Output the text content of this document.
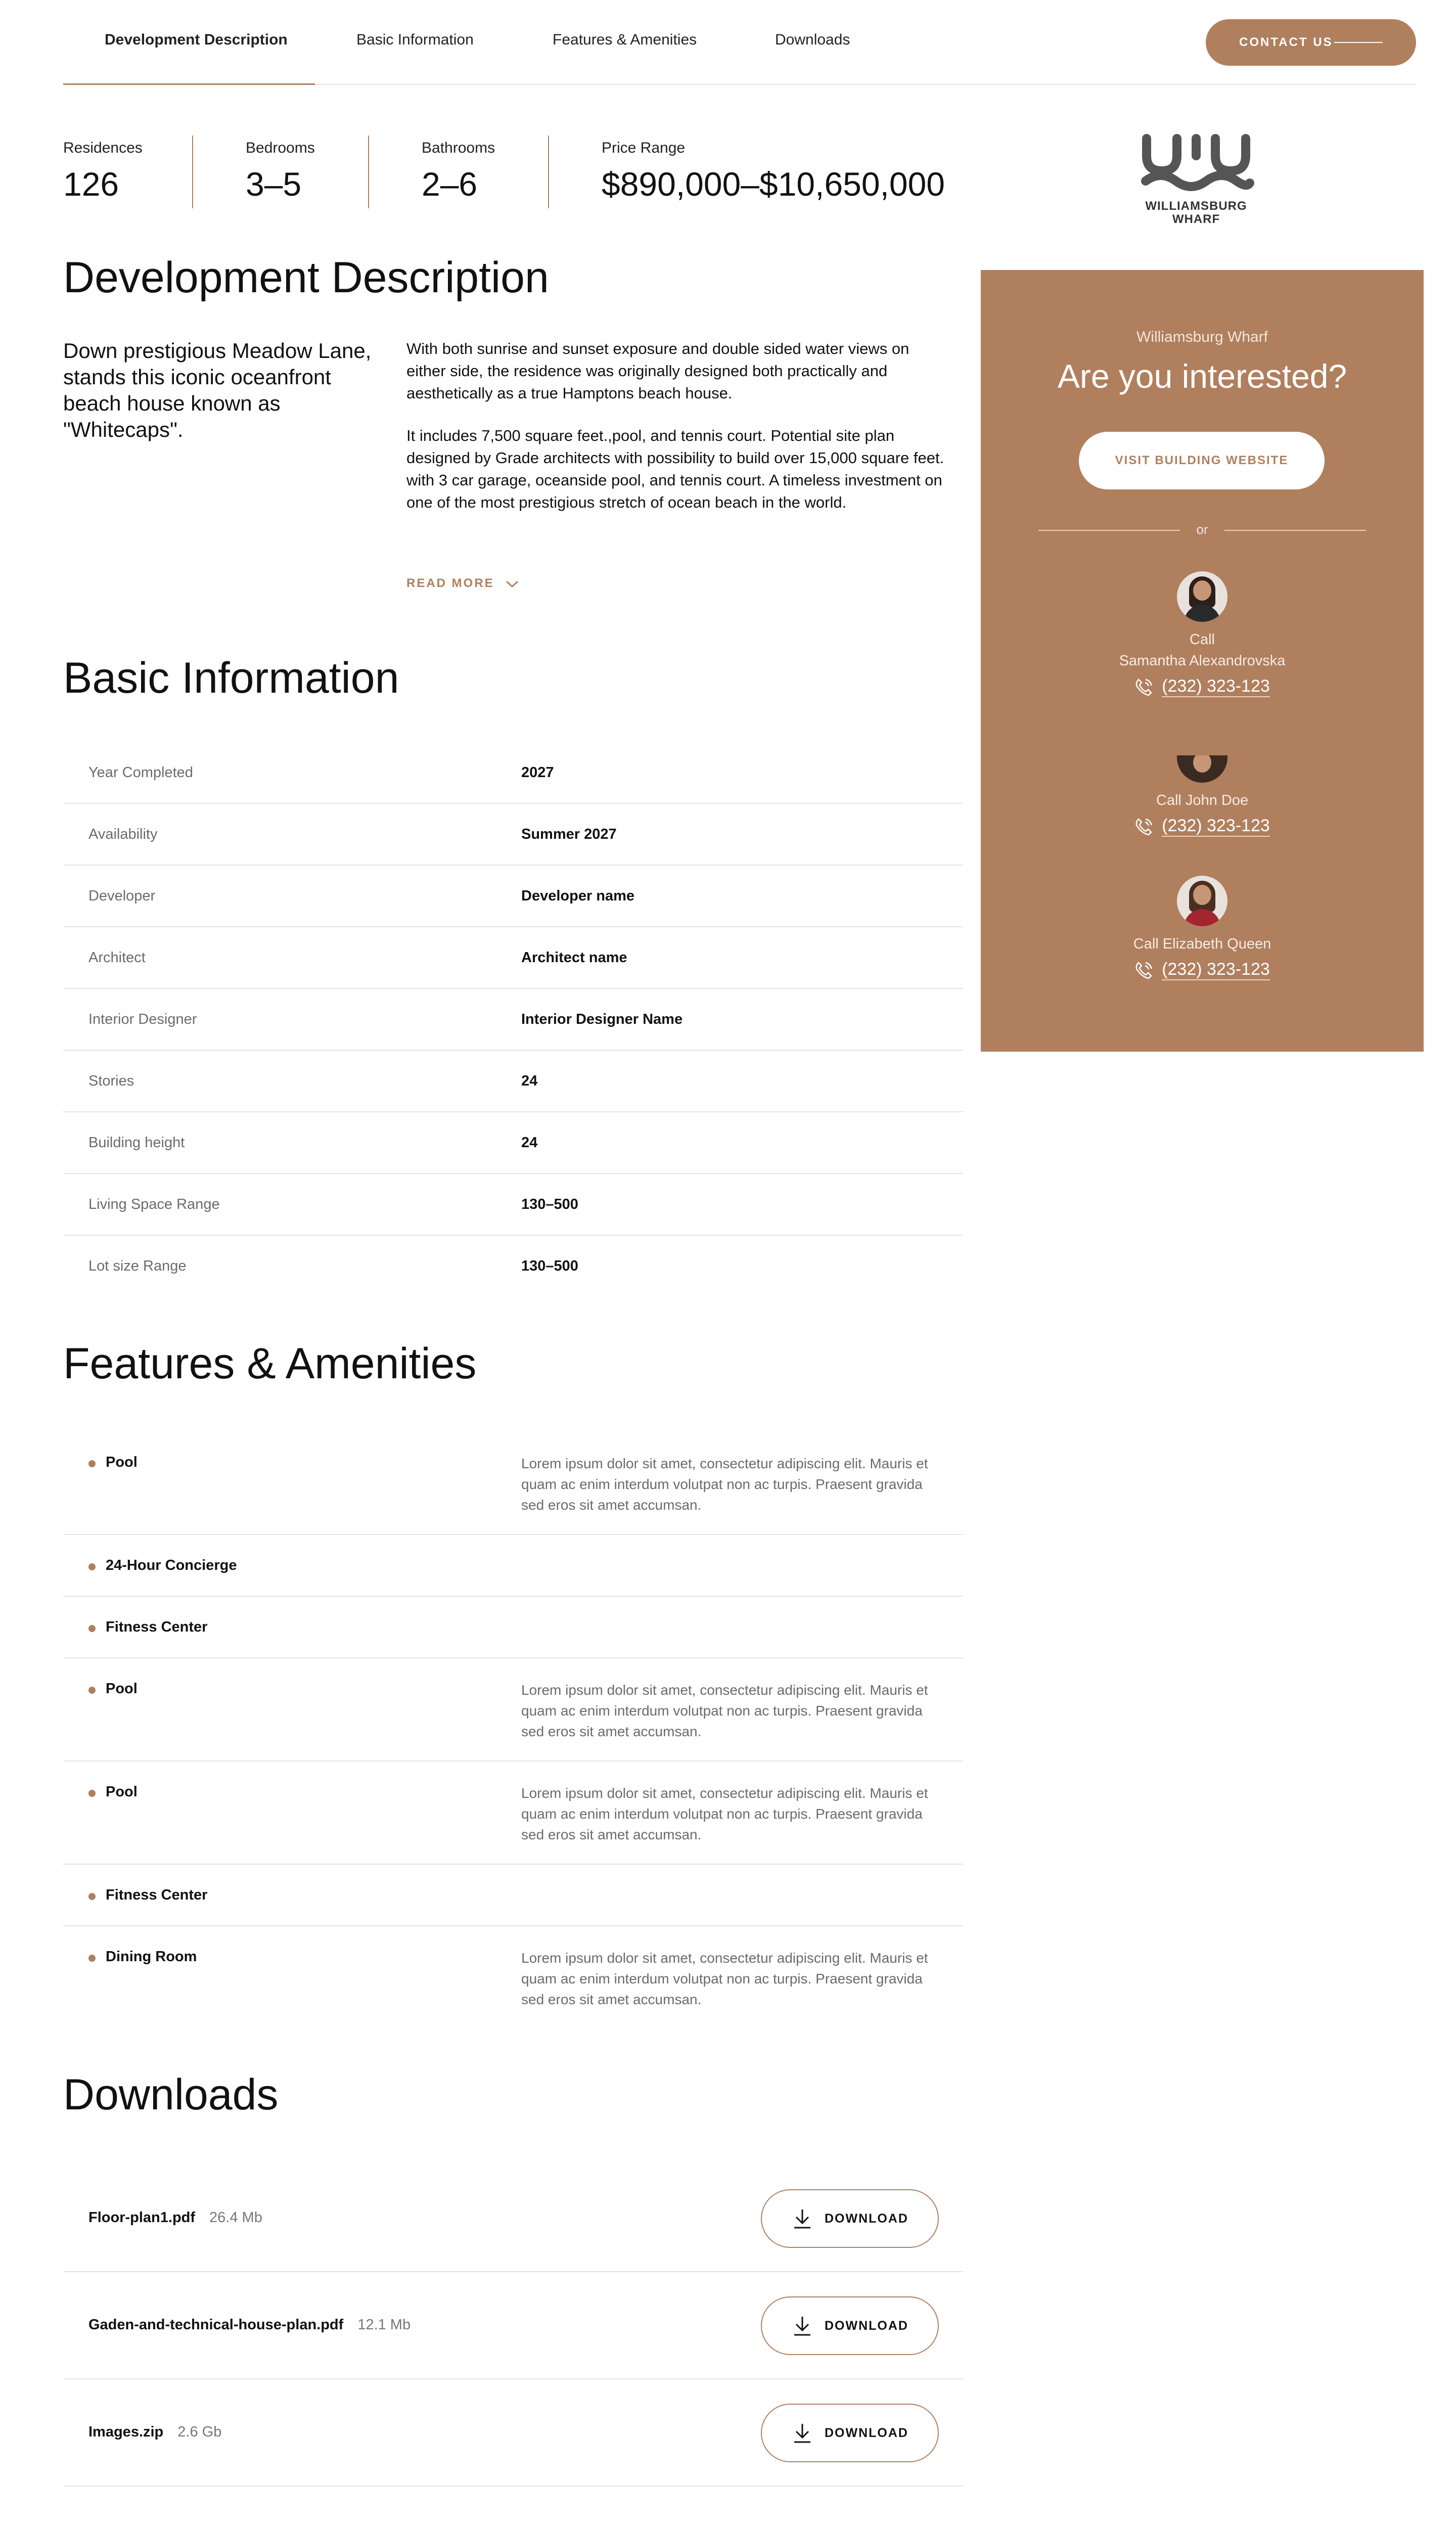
Development Description	Basic Information	Features & Amenities	Downloads	CONTACT US
Residences
126
Bedrooms
3–5
Bathrooms
2–6
Price Range
$890,000–$10,650,000
WILLIAMSBURG
WHARF
Development Description
Down prestigious Meadow Lane, stands this iconic oceanfront beach house known as "Whitecaps".

With both sunrise and sunset exposure and double sided water views on either side, the residence was originally designed both practically and aesthetically as a true Hamptons beach house.

It includes 7,500 square feet.,pool, and tennis court. Potential site plan designed by Grade architects with possibility to build over 15,000 square feet. with 3 car garage, oceanside pool, and tennis court. A timeless investment on one of the most prestigious stretch of ocean beach in the world.

READ MORE
Basic Information
Year Completed	2027
Availability	Summer 2027
Developer	Developer name
Architect	Architect name
Interior Designer	Interior Designer Name
Stories	24
Building height	24
Living Space Range	130–500
Lot size Range	130–500
Features & Amenities
Pool	Lorem ipsum dolor sit amet, consectetur adipiscing elit. Mauris et quam ac enim interdum volutpat non ac turpis. Praesent gravida sed eros sit amet accumsan.
24-Hour Concierge
Fitness Center
Pool	Lorem ipsum dolor sit amet, consectetur adipiscing elit. Mauris et quam ac enim interdum volutpat non ac turpis. Praesent gravida sed eros sit amet accumsan.
Pool	Lorem ipsum dolor sit amet, consectetur adipiscing elit. Mauris et quam ac enim interdum volutpat non ac turpis. Praesent gravida sed eros sit amet accumsan.
Fitness Center
Dining Room	Lorem ipsum dolor sit amet, consectetur adipiscing elit. Mauris et quam ac enim interdum volutpat non ac turpis. Praesent gravida sed eros sit amet accumsan.
Downloads
Floor-plan1.pdf 26.4 Mb	DOWNLOAD
Gaden-and-technical-house-plan.pdf 12.1 Mb	DOWNLOAD
Images.zip 2.6 Gb	DOWNLOAD
Williamsburg Wharf
Are you interested?
VISIT BUILDING WEBSITE
or
Call
Samantha Alexandrovska
(232) 323-123
Call John Doe
(232) 323-123
Call Elizabeth Queen
(232) 323-123
